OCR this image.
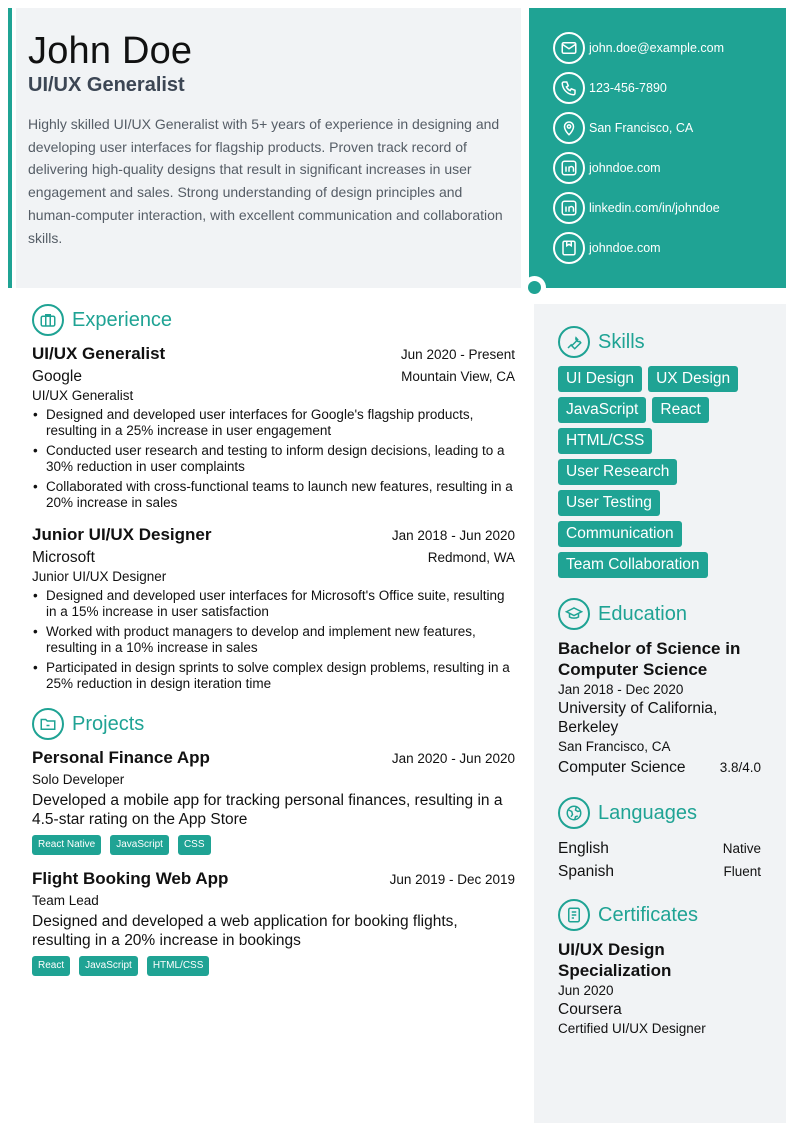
John Doe
UI/UX Generalist

Highly skilled UI/UX Generalist with 5+ years of experience in designing and developing user interfaces for flagship products. Proven track record of delivering high-quality designs that result in significant increases in user engagement and sales. Strong understanding of design principles and human-computer interaction, with excellent communication and collaboration skills.

john.doe@example.com
123-456-7890
San Francisco, CA
johndoe.com
linkedin.com/in/johndoe
johndoe.com
Experience
UI/UX Generalist	Jun 2020 - Present
Google	Mountain View, CA
UI/UX Generalist
• Designed and developed user interfaces for Google's flagship products, resulting in a 25% increase in user engagement
• Conducted user research and testing to inform design decisions, leading to a 30% reduction in user complaints
• Collaborated with cross-functional teams to launch new features, resulting in a 20% increase in sales
Junior UI/UX Designer	Jan 2018 - Jun 2020
Microsoft	Redmond, WA
Junior UI/UX Designer
• Designed and developed user interfaces for Microsoft's Office suite, resulting in a 15% increase in user satisfaction
• Worked with product managers to develop and implement new features, resulting in a 10% increase in sales
• Participated in design sprints to solve complex design problems, resulting in a 25% reduction in design iteration time
Projects
Personal Finance App	Jan 2020 - Jun 2020
Solo Developer
Developed a mobile app for tracking personal finances, resulting in a 4.5-star rating on the App Store
React Native	JavaScript	CSS
Flight Booking Web App	Jun 2019 - Dec 2019
Team Lead
Designed and developed a web application for booking flights, resulting in a 20% increase in bookings
React	JavaScript	HTML/CSS
Skills
UI Design	UX Design
JavaScript	React
HTML/CSS
User Research
User Testing
Communication
Team Collaboration
Education
Bachelor of Science in Computer Science
Jan 2018 - Dec 2020
University of California, Berkeley
San Francisco, CA
Computer Science	3.8/4.0
Languages
English	Native
Spanish	Fluent
Certificates
UI/UX Design Specialization
Jun 2020
Coursera
Certified UI/UX Designer
